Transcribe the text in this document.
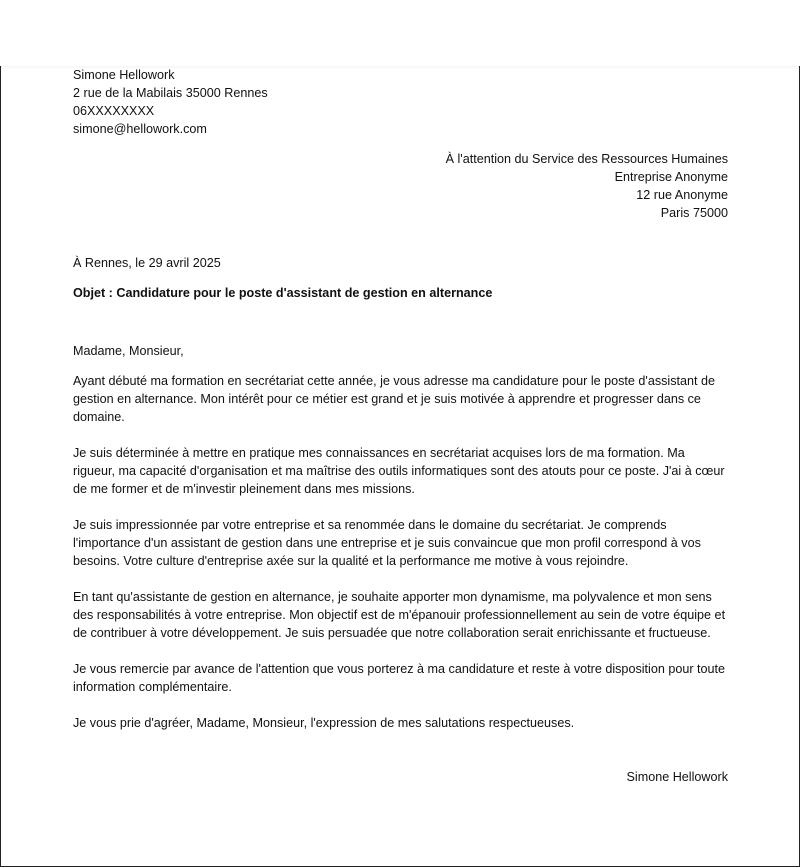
Simone Hellowork
2 rue de la Mabilais 35000 Rennes
06XXXXXXXX
simone@hellowork.com
À l'attention du Service des Ressources Humaines
Entreprise Anonyme
12 rue Anonyme
Paris 75000
À Rennes, le 29 avril 2025
Objet : Candidature pour le poste d'assistant de gestion en alternance
Madame, Monsieur,
Ayant débuté ma formation en secrétariat cette année, je vous adresse ma candidature pour le poste d'assistant de gestion en alternance. Mon intérêt pour ce métier est grand et je suis motivée à apprendre et progresser dans ce domaine.
Je suis déterminée à mettre en pratique mes connaissances en secrétariat acquises lors de ma formation. Ma rigueur, ma capacité d'organisation et ma maîtrise des outils informatiques sont des atouts pour ce poste. J'ai à cœur de me former et de m'investir pleinement dans mes missions.
Je suis impressionnée par votre entreprise et sa renommée dans le domaine du secrétariat. Je comprends l'importance d'un assistant de gestion dans une entreprise et je suis convaincue que mon profil correspond à vos besoins. Votre culture d'entreprise axée sur la qualité et la performance me motive à vous rejoindre.
En tant qu'assistante de gestion en alternance, je souhaite apporter mon dynamisme, ma polyvalence et mon sens des responsabilités à votre entreprise. Mon objectif est de m'épanouir professionnellement au sein de votre équipe et de contribuer à votre développement. Je suis persuadée que notre collaboration serait enrichissante et fructueuse.
Je vous remercie par avance de l'attention que vous porterez à ma candidature et reste à votre disposition pour toute information complémentaire.
Je vous prie d'agréer, Madame, Monsieur, l'expression de mes salutations respectueuses.
Simone Hellowork
